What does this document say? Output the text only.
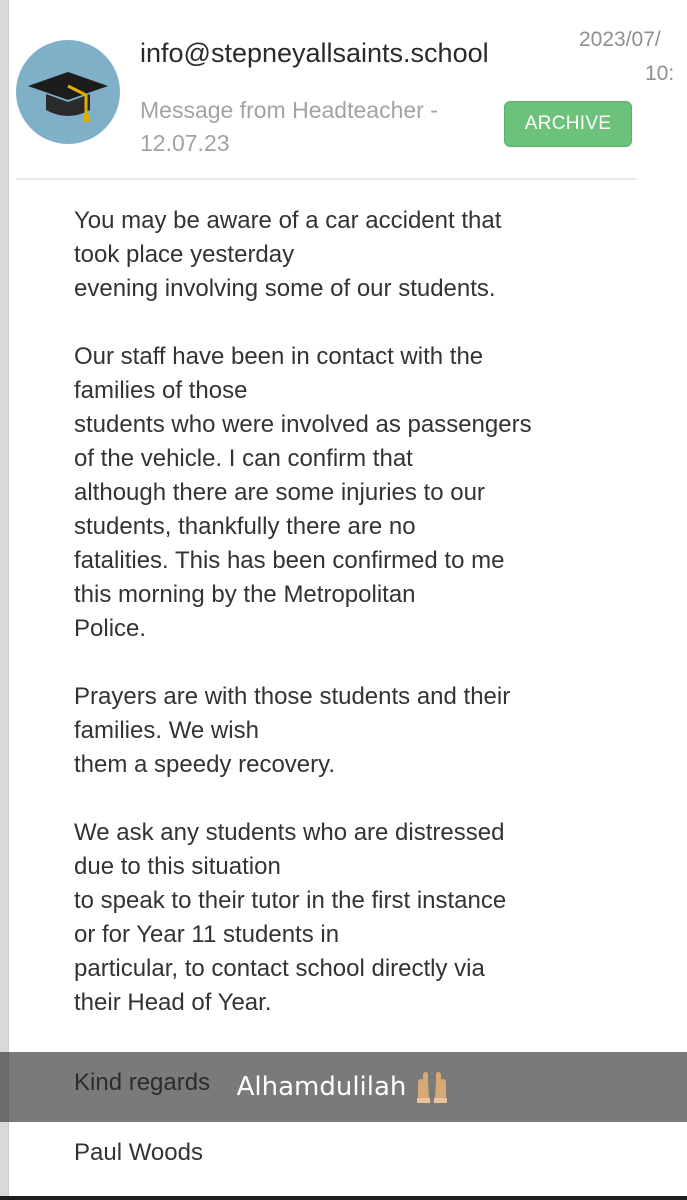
info@stepneyallsaints.school
Message from Headteacher - 12.07.23
ARCHIVE
2023/07/
10:
You may be aware of a car accident that
took place yesterday
evening involving some of our students.
Our staff have been in contact with the
families of those
students who were involved as passengers
of the vehicle. I can confirm that
although there are some injuries to our
students, thankfully there are no
fatalities. This has been confirmed to me
this morning by the Metropolitan
Police.
Prayers are with those students and their
families. We wish
them a speedy recovery.
We ask any students who are distressed
due to this situation
to speak to their tutor in the first instance
or for Year 11 students in
particular, to contact school directly via
their Head of Year.
Paul Woods
Alhamdulilah
